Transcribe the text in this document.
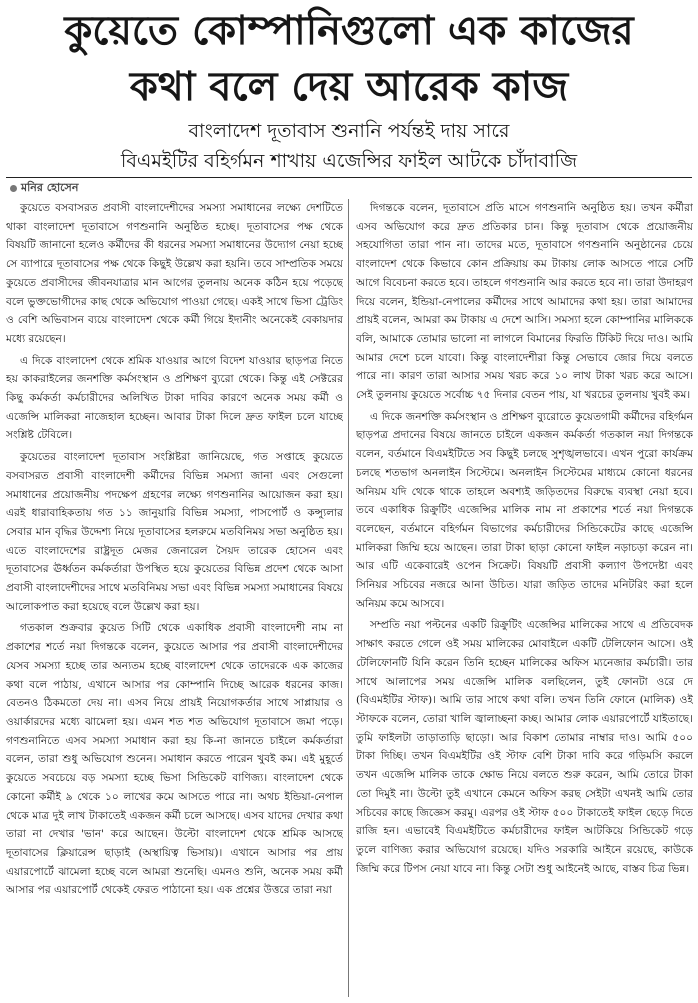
কুয়েতে কোম্পানিগুলো এক কাজের
কথা বলে দেয় আরেক কাজ
বাংলাদেশ দূতাবাস শুনানি পর্যন্তই দায় সারে
বিএমইটির বহির্গমন শাখায় এজেন্সির ফাইল আটকে চাঁদাবাজি
মনির হোসেন

কুয়েতে বসবাসরত প্রবাসী বাংলাদেশীদের সমস্যা সমাধানের লক্ষ্যে দেশটিতে থাকা বাংলাদেশ দূতাবাসে গণশুনানি অনুষ্ঠিত হচ্ছে। দূতাবাসের পক্ষ থেকে বিষয়টি জানানো হলেও কর্মীদের কী ধরনের সমস্যা সমাধানের উদ্যোগ নেয়া হচ্ছে সে ব্যাপারে দূতাবাসের পক্ষ থেকে কিছুই উল্লেখ করা হয়নি। তবে সাম্প্রতিক সময়ে কুয়েতে প্রবাসীদের জীবনযাত্রার মান আগের তুলনায় অনেক কঠিন হয়ে পড়েছে বলে ভুক্তভোগীদের কাছ থেকে অভিযোগ পাওয়া গেছে। একই সাথে ভিসা ট্রেডিং ও বেশি অভিবাসন ব্যয়ে বাংলাদেশ থেকে কর্মী গিয়ে ইদানীং অনেকেই বেকায়দার মধ্যে রয়েছেন।

এ দিকে বাংলাদেশ থেকে শ্রমিক যাওয়ার আগে বিদেশ যাওয়ার ছাড়পত্র নিতে হয় কাকরাইলের জনশক্তি কর্মসংস্থান ও প্রশিক্ষণ ব্যুরো থেকে। কিন্তু এই সেক্টরের কিছু কর্মকর্তা কর্মচারীদের অলিখিত টাকা দাবির কারণে অনেক সময় কর্মী ও এজেন্সি মালিকরা নাজেহাল হচ্ছেন। আবার টাকা দিলে দ্রুত ফাইল চলে যাচ্ছে সংশ্লিষ্ট টেবিলে।

কুয়েতের বাংলাদেশ দূতাবাস সংশ্লিষ্টরা জানিয়েছে, গত সপ্তাহে কুয়েতে বসবাসরত প্রবাসী বাংলাদেশী কর্মীদের বিভিন্ন সমস্যা জানা এবং সেগুলো সমাধানের প্রয়োজনীয় পদক্ষেপ গ্রহণের লক্ষ্যে গণশুনানির আয়োজন করা হয়। এরই ধারাবাহিকতায় গত ১১ জানুয়ারি বিভিন্ন সমস্যা, পাসপোর্ট ও কন্স্যুলার সেবার মান বৃদ্ধির উদ্দেশ্য নিয়ে দূতাবাসের হলরুমে মতবিনিময় সভা অনুষ্ঠিত হয়। এতে বাংলাদেশের রাষ্ট্রদূত মেজর জেনারেল সৈয়দ তারেক হোসেন এবং দূতাবাসের ঊর্ধ্বতন কর্মকর্তারা উপস্থিত হয়ে কুয়েতের বিভিন্ন প্রদেশ থেকে আসা প্রবাসী বাংলাদেশীদের সাথে মতবিনিময় সভা এবং বিভিন্ন সমস্যা সমাধানের বিষয়ে আলোকপাত করা হয়েছে বলে উল্লেখ করা হয়।

গতকাল শুক্রবার কুয়েত সিটি থেকে একাধিক প্রবাসী বাংলাদেশী নাম না প্রকাশের শর্তে নয়া দিগন্তকে বলেন, কুয়েতে আসার পর প্রবাসী বাংলাদেশীদের যেসব সমস্যা হচ্ছে তার অন্যতম হচ্ছে বাংলাদেশ থেকে তাদেরকে এক কাজের কথা বলে পাঠায়, এখানে আসার পর কোম্পানি দিচ্ছে আরেক ধরনের কাজ। বেতনও ঠিকমতো দেয় না। এসব নিয়ে প্রায়ই নিয়োগকর্তার সাথে সাপ্লায়ার ও ওয়ার্কারদের মধ্যে ঝামেলা হয়। এমন শত শত অভিযোগ দূতাবাসে জমা পড়ে। গণশুনানিতে এসব সমস্যা সমাধান করা হয় কি-না জানতে চাইলে কর্মকর্তারা বলেন, তারা শুধু অভিযোগ শুনেন। সমাধান করতে পারেন খুবই কম। এই মুহূর্তে কুয়েতে সবচেয়ে বড় সমস্যা হচ্ছে ভিসা সিন্ডিকেট বাণিজ্য। বাংলাদেশ থেকে কোনো কর্মীই ৯ থেকে ১০ লাখের কমে আসতে পারে না। অথচ ইন্ডিয়া-নেপাল থেকে মাত্র দুই লাখ টাকাতেই একজন কর্মী চলে আসছে। এসব যাদের দেখার কথা তারা না দেখার 'ভান' করে আছেন। উল্টো বাংলাদেশ থেকে শ্রমিক আসছে দূতাবাসের ক্লিয়ারেন্স ছাড়াই (অস্থায়িত্ব ভিসায়)। এখানে আসার পর প্রায় এয়ারপোর্টে ঝামেলা হচ্ছে বলে আমরা শুনেছি। এমনও শুনি, অনেক সময় কর্মী আসার পর এয়ারপোর্ট থেকেই ফেরত পাঠানো হয়। এক প্রশ্নের উত্তরে তারা নয়া

দিগন্তকে বলেন, দূতাবাসে প্রতি মাসে গণশুনানি অনুষ্ঠিত হয়। তখন কর্মীরা এসব অভিযোগ করে দ্রুত প্রতিকার চান। কিন্তু দূতাবাস থেকে প্রয়োজনীয় সহযোগিতা তারা পান না। তাদের মতে, দূতাবাসে গণশুনানি অনুষ্ঠানের চেয়ে বাংলাদেশ থেকে কিভাবে কোন প্রক্রিয়ায় কম টাকায় লোক আসতে পারে সেটি আগে বিবেচনা করতে হবে। তাহলে গণশুনানি আর করতে হবে না। তারা উদাহরণ দিয়ে বলেন, ইন্ডিয়া-নেপালের কর্মীদের সাথে আমাদের কথা হয়। তারা আমাদের প্রায়ই বলেন, আমরা কম টাকায় এ দেশে আসি। সমস্যা হলে কোম্পানির মালিককে বলি, আমাকে তোমার ভালো না লাগলে বিমানের ফিরতি টিকিট দিয়ে দাও। আমি আমার দেশে চলে যাবো। কিন্তু বাংলাদেশীরা কিন্তু সেভাবে জোর দিয়ে বলতে পারে না। কারণ তারা আসার সময় খরচ করে ১০ লাখ টাকা খরচ করে আসে। সেই তুলনায় কুয়েতে সর্বোচ্চ ৭৫ দিনার বেতন পায়, যা খরচের তুলনায় খুবই কম।

এ দিকে জনশক্তি কর্মসংস্থান ও প্রশিক্ষণ ব্যুরোতে কুয়েতগামী কর্মীদের বহির্গমন ছাড়পত্র প্রদানের বিষয়ে জানতে চাইলে একজন কর্মকর্তা গতকাল নয়া দিগন্তকে বলেন, বর্তমানে বিএমইটিতে সব কিছুই চলছে সুশৃঙ্খলভাবে। এখন পুরো কার্যক্রম চলছে শতভাগ অনলাইন সিস্টেমে। অনলাইন সিস্টেমের মাধ্যমে কোনো ধরনের অনিয়ম যদি থেকে থাকে তাহলে অবশ্যই জড়িতদের বিরুদ্ধে ব্যবস্থা নেয়া হবে। তবে একাধিক রিক্রুটিং এজেন্সির মালিক নাম না প্রকাশের শর্তে নয়া দিগন্তকে বলেছেন, বর্তমানে বহির্গমন বিভাগের কর্মচারীদের সিন্ডিকেটের কাছে এজেন্সি মালিকরা জিম্মি হয়ে আছেন। তারা টাকা ছাড়া কোনো ফাইল নড়াচড়া করেন না। আর এটি একেবারেই ওপেন সিক্রেট। বিষয়টি প্রবাসী কল্যাণ উপদেষ্টা এবং সিনিয়র সচিবের নজরে আনা উচিত। যারা জড়িত তাদের মনিটরিং করা হলে অনিয়ম কমে আসবে।

সম্প্রতি নয়া পল্টনের একটি রিক্রুটিং এজেন্সির মালিকের সাথে এ প্রতিবেদক সাক্ষাৎ করতে গেলে ওই সময় মালিকের মোবাইলে একটি টেলিফোন আসে। ওই টেলিফোনটি যিনি করেন তিনি হচ্ছেন মালিকের অফিস ম্যনেজার কর্মচারী। তার সাথে আলাপের সময় এজেন্সি মালিক বলছিলেন, তুই ফোনটা ওরে দে (বিএমইটির স্টাফ)। আমি তার সাথে কথা বলি। তখন তিনি ফোনে (মালিক) ওই স্টাফকে বলেন, তোরা খালি জ্বালাচ্ছনা কচ্ছ। আমার লোক এয়ারপোর্টে যাইতাছে। তুমি ফাইলটা তাড়াতাড়ি ছাড়ো। আর বিকাশ তোমার নাম্বার দাও। আমি ৫০০ টাকা দিচ্ছি। তখন বিএমইটির ওই স্টাফ বেশি টাকা দাবি করে গড়িমসি করলে তখন এজেন্সি মালিক তাকে ক্ষোভ নিয়ে বলতে শুরু করেন, আমি তোরে টাকা তো দিমুই না। উল্টো তুই এখানে কেমনে অফিস করছ সেইটা এখনই আমি তোর সচিবের কাছে জিজ্ঞেস করমু। এরপর ওই স্টাফ ৫০০ টাকাতেই ফাইল ছেড়ে দিতে রাজি হন। এভাবেই বিএমইটিতে কর্মচারীদের ফাইল আটকিয়ে সিন্ডিকেট গড়ে তুলে বাণিজ্য করার অভিযোগ রয়েছে। যদিও সরকারি আইনে রয়েছে, কাউকে জিম্মি করে টিপস নেয়া যাবে না। কিন্তু সেটা শুধু আইনেই আছে, বাস্তব চিত্র ভিন্ন।
